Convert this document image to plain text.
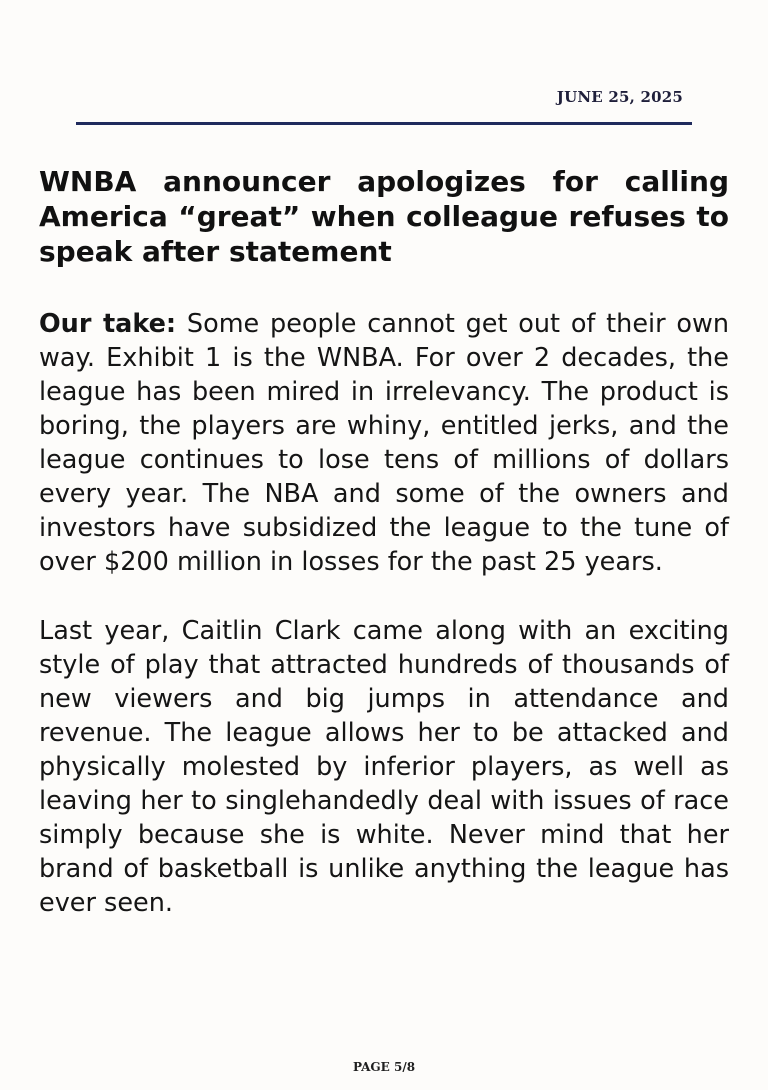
JUNE 25, 2025
WNBA announcer apologizes for calling America “great” when colleague refuses to speak after statement

Our take: Some people cannot get out of their own way. Exhibit 1 is the WNBA. For over 2 decades, the league has been mired in irrelevancy. The product is boring, the players are whiny, entitled jerks, and the league continues to lose tens of millions of dollars every year. The NBA and some of the owners and investors have subsidized the league to the tune of over $200 million in losses for the past 25 years.

Last year, Caitlin Clark came along with an exciting style of play that attracted hundreds of thousands of new viewers and big jumps in attendance and revenue. The league allows her to be attacked and physically molested by inferior players, as well as leaving her to singlehandedly deal with issues of race simply because she is white. Never mind that her brand of basketball is unlike anything the league has ever seen.

PAGE 5/8
